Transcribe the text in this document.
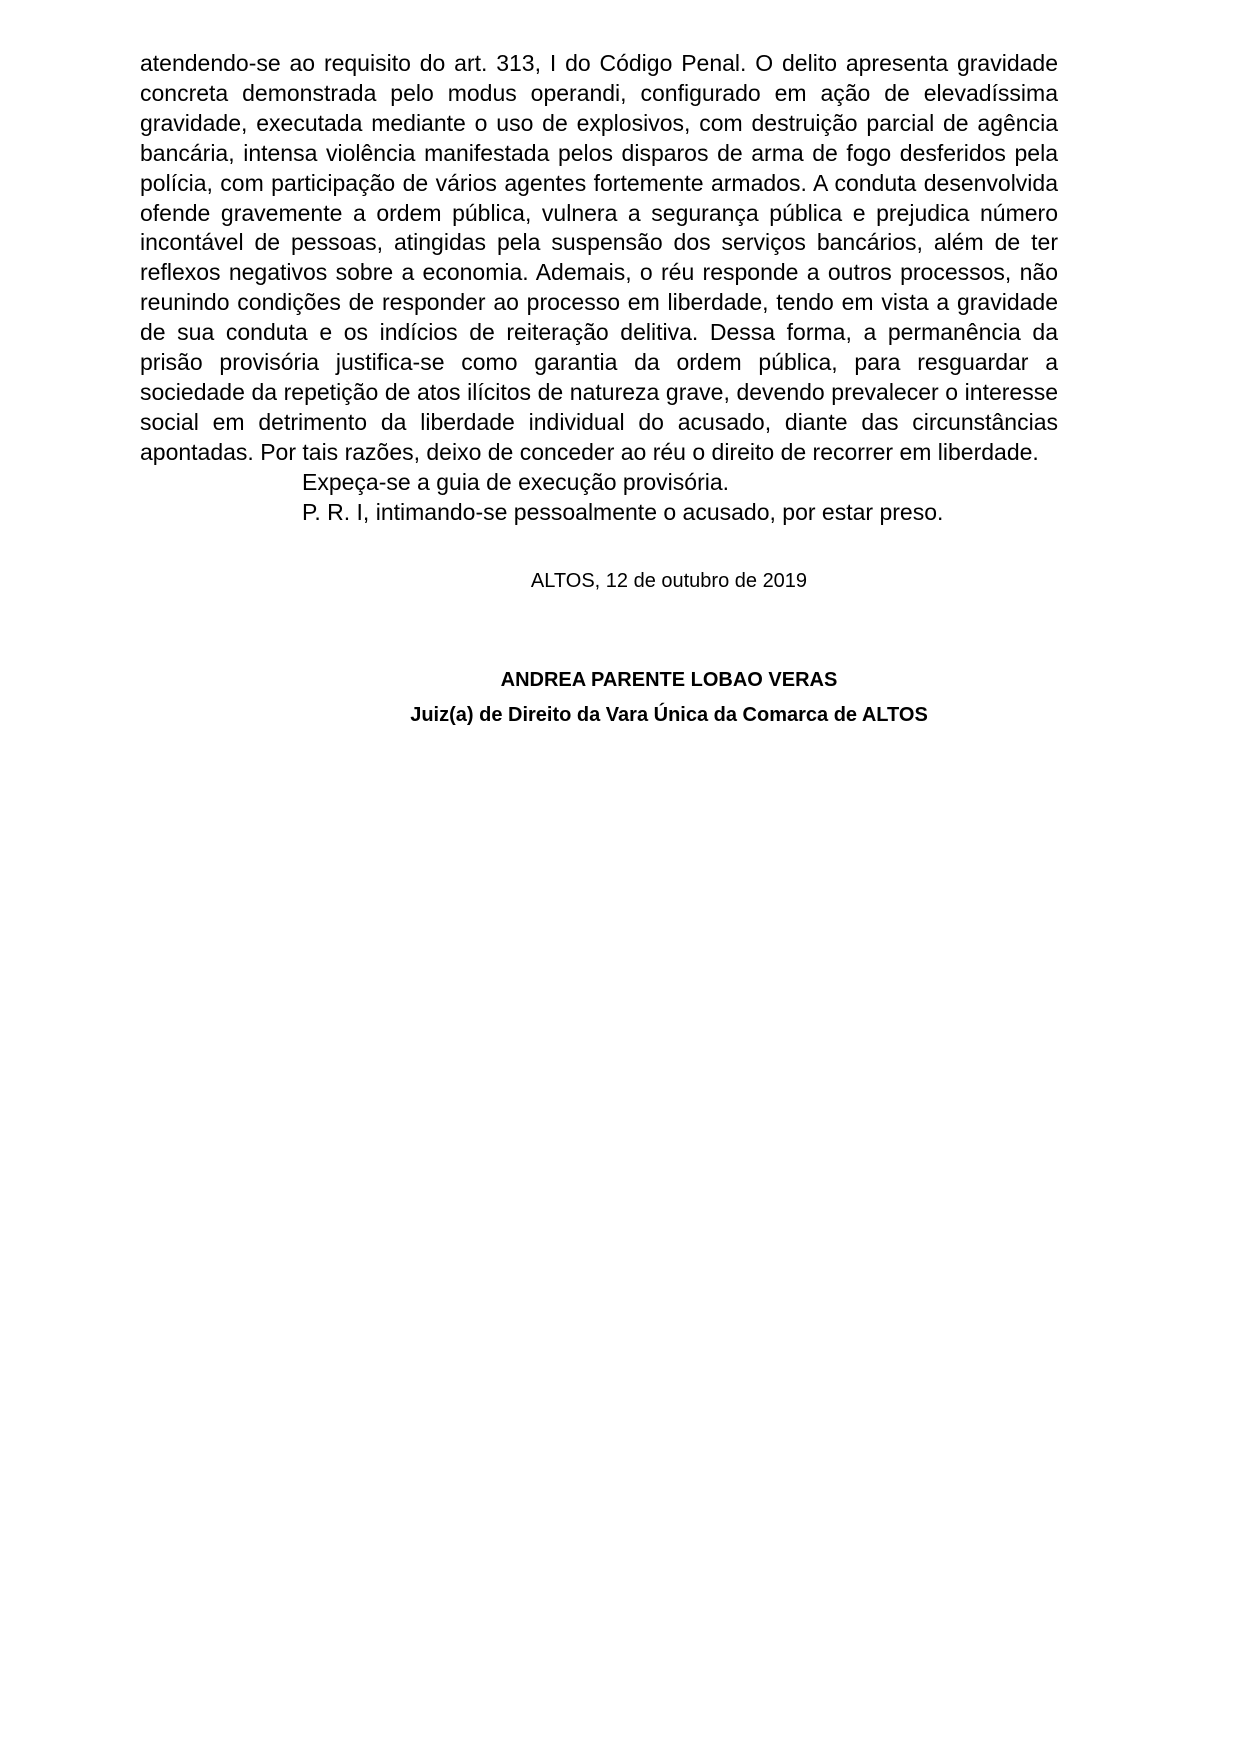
atendendo-se ao requisito do art. 313, I do Código Penal. O delito apresenta gravidade concreta demonstrada pelo modus operandi, configurado em ação de elevadíssima gravidade, executada mediante o uso de explosivos, com destruição parcial de agência bancária, intensa violência manifestada pelos disparos de arma de fogo desferidos pela polícia, com participação de vários agentes fortemente armados. A conduta desenvolvida ofende gravemente a ordem pública, vulnera a segurança pública e prejudica número incontável de pessoas, atingidas pela suspensão dos serviços bancários, além de ter reflexos negativos sobre a economia. Ademais, o réu responde a outros processos, não reunindo condições de responder ao processo em liberdade, tendo em vista a gravidade de sua conduta e os indícios de reiteração delitiva. Dessa forma, a permanência da prisão provisória justifica-se como garantia da ordem pública, para resguardar a sociedade da repetição de atos ilícitos de natureza grave, devendo prevalecer o interesse social em detrimento da liberdade individual do acusado, diante das circunstâncias apontadas. Por tais razões, deixo de conceder ao réu o direito de recorrer em liberdade.

Expeça-se a guia de execução provisória.

P. R. I, intimando-se pessoalmente o acusado, por estar preso.

ALTOS, 12 de outubro de 2019

ANDREA PARENTE LOBAO VERAS

Juiz(a) de Direito da Vara Única da Comarca de ALTOS
